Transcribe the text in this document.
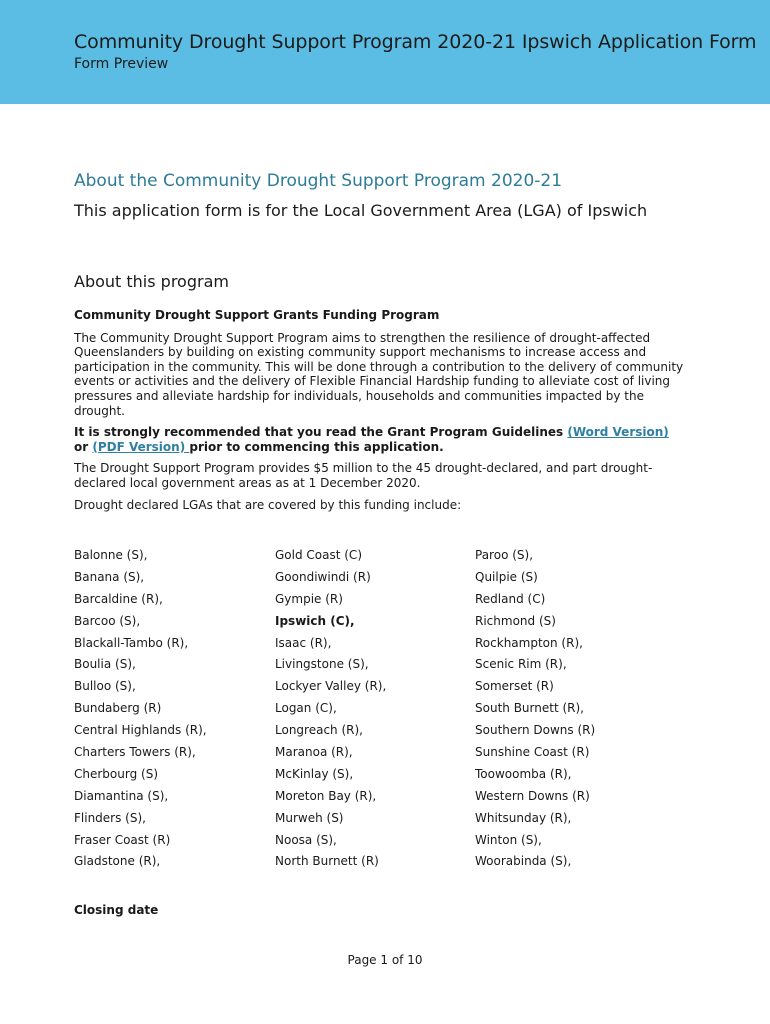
Community Drought Support Program 2020-21 Ipswich Application Form
Form Preview
About the Community Drought Support Program 2020-21
This application form is for the Local Government Area (LGA) of Ipswich
About this program

Community Drought Support Grants Funding Program

The Community Drought Support Program aims to strengthen the resilience of drought-affected Queenslanders by building on existing community support mechanisms to increase access and participation in the community. This will be done through a contribution to the delivery of community events or activities and the delivery of Flexible Financial Hardship funding to alleviate cost of living pressures and alleviate hardship for individuals, households and communities impacted by the drought.

It is strongly recommended that you read the Grant Program Guidelines (Word Version) or (PDF Version) prior to commencing this application.

The Drought Support Program provides $5 million to the 45 drought-declared, and part drought-declared local government areas as at 1 December 2020.

Drought declared LGAs that are covered by this funding include:

Balonne (S),
Banana (S),
Barcaldine (R),
Barcoo (S),
Blackall-Tambo (R),
Boulia (S),
Bulloo (S),
Bundaberg (R)
Central Highlands (R),
Charters Towers (R),
Cherbourg (S)
Diamantina (S),
Flinders (S),
Fraser Coast (R)
Gladstone (R),
Gold Coast (C)
Goondiwindi (R)
Gympie (R)
Ipswich (C),
Isaac (R),
Livingstone (S),
Lockyer Valley (R),
Logan (C),
Longreach (R),
Maranoa (R),
McKinlay (S),
Moreton Bay (R),
Murweh (S)
Noosa (S),
North Burnett (R)
Paroo (S),
Quilpie (S)
Redland (C)
Richmond (S)
Rockhampton (R),
Scenic Rim (R),
Somerset (R)
South Burnett (R),
Southern Downs (R)
Sunshine Coast (R)
Toowoomba (R),
Western Downs (R)
Whitsunday (R),
Winton (S),
Woorabinda (S),
Closing date
Page 1 of 10
